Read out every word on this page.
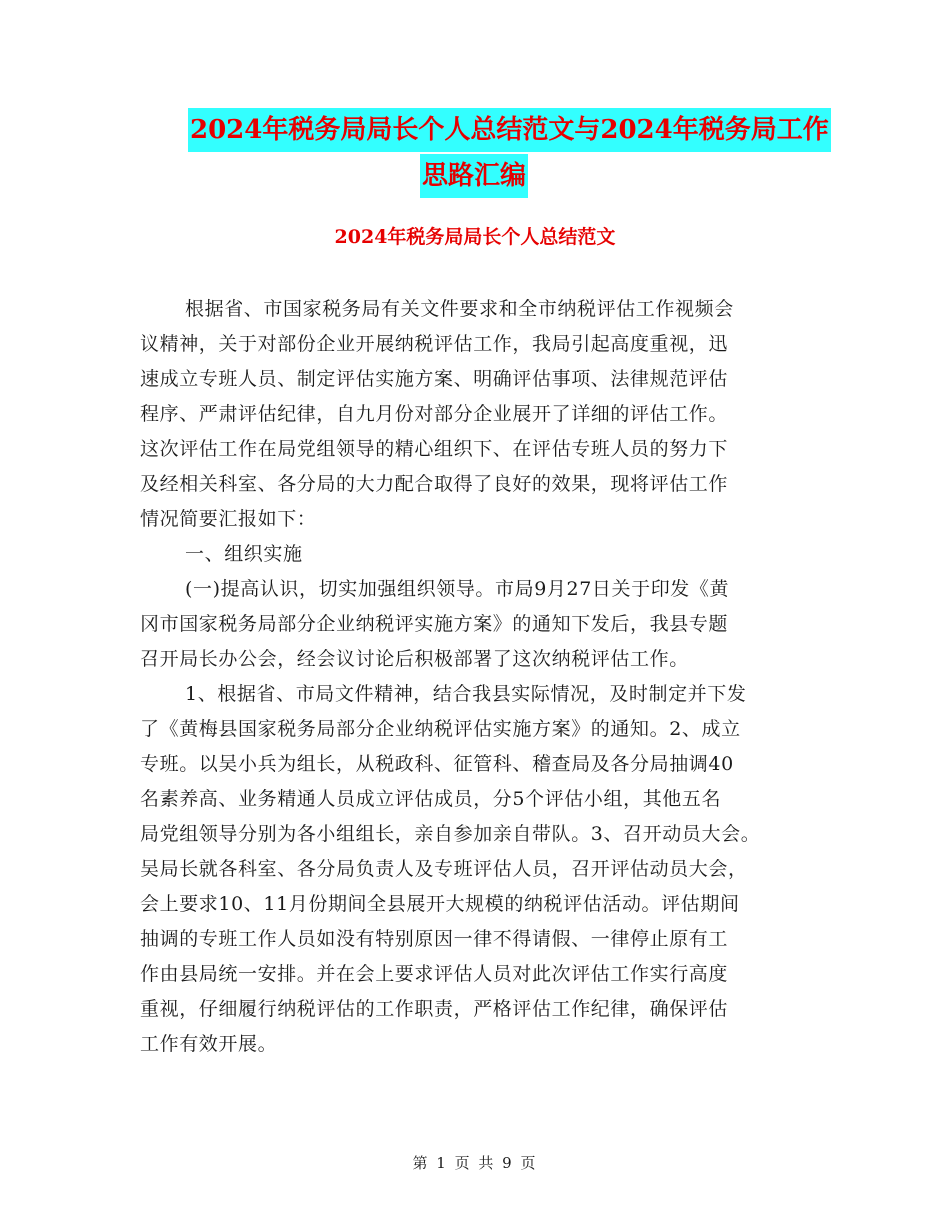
2024年税务局局长个人总结范文与2024年税务局工作
思路汇编
2024年税务局局长个人总结范文
根据省、市国家税务局有关文件要求和全市纳税评估工作视频会
议精神，关于对部份企业开展纳税评估工作，我局引起高度重视，迅
速成立专班人员、制定评估实施方案、明确评估事项、法律规范评估
程序、严肃评估纪律，自九月份对部分企业展开了详细的评估工作。
这次评估工作在局党组领导的精心组织下、在评估专班人员的努力下
及经相关科室、各分局的大力配合取得了良好的效果，现将评估工作
情况简要汇报如下：
一、组织实施
(一)提高认识，切实加强组织领导。市局9月27日关于印发《黄
冈市国家税务局部分企业纳税评实施方案》的通知下发后，我县专题
召开局长办公会，经会议讨论后积极部署了这次纳税评估工作。
1、根据省、市局文件精神，结合我县实际情况，及时制定并下发
了《黄梅县国家税务局部分企业纳税评估实施方案》的通知。2、成立
专班。以吴小兵为组长，从税政科、征管科、稽查局及各分局抽调40
名素养高、业务精通人员成立评估成员，分5个评估小组，其他五名
局党组领导分别为各小组组长，亲自参加亲自带队。3、召开动员大会。
吴局长就各科室、各分局负责人及专班评估人员，召开评估动员大会，
会上要求10、11月份期间全县展开大规模的纳税评估活动。评估期间
抽调的专班工作人员如没有特别原因一律不得请假、一律停止原有工
作由县局统一安排。并在会上要求评估人员对此次评估工作实行高度
重视，仔细履行纳税评估的工作职责，严格评估工作纪律，确保评估
工作有效开展。
第 1 页 共 9 页
